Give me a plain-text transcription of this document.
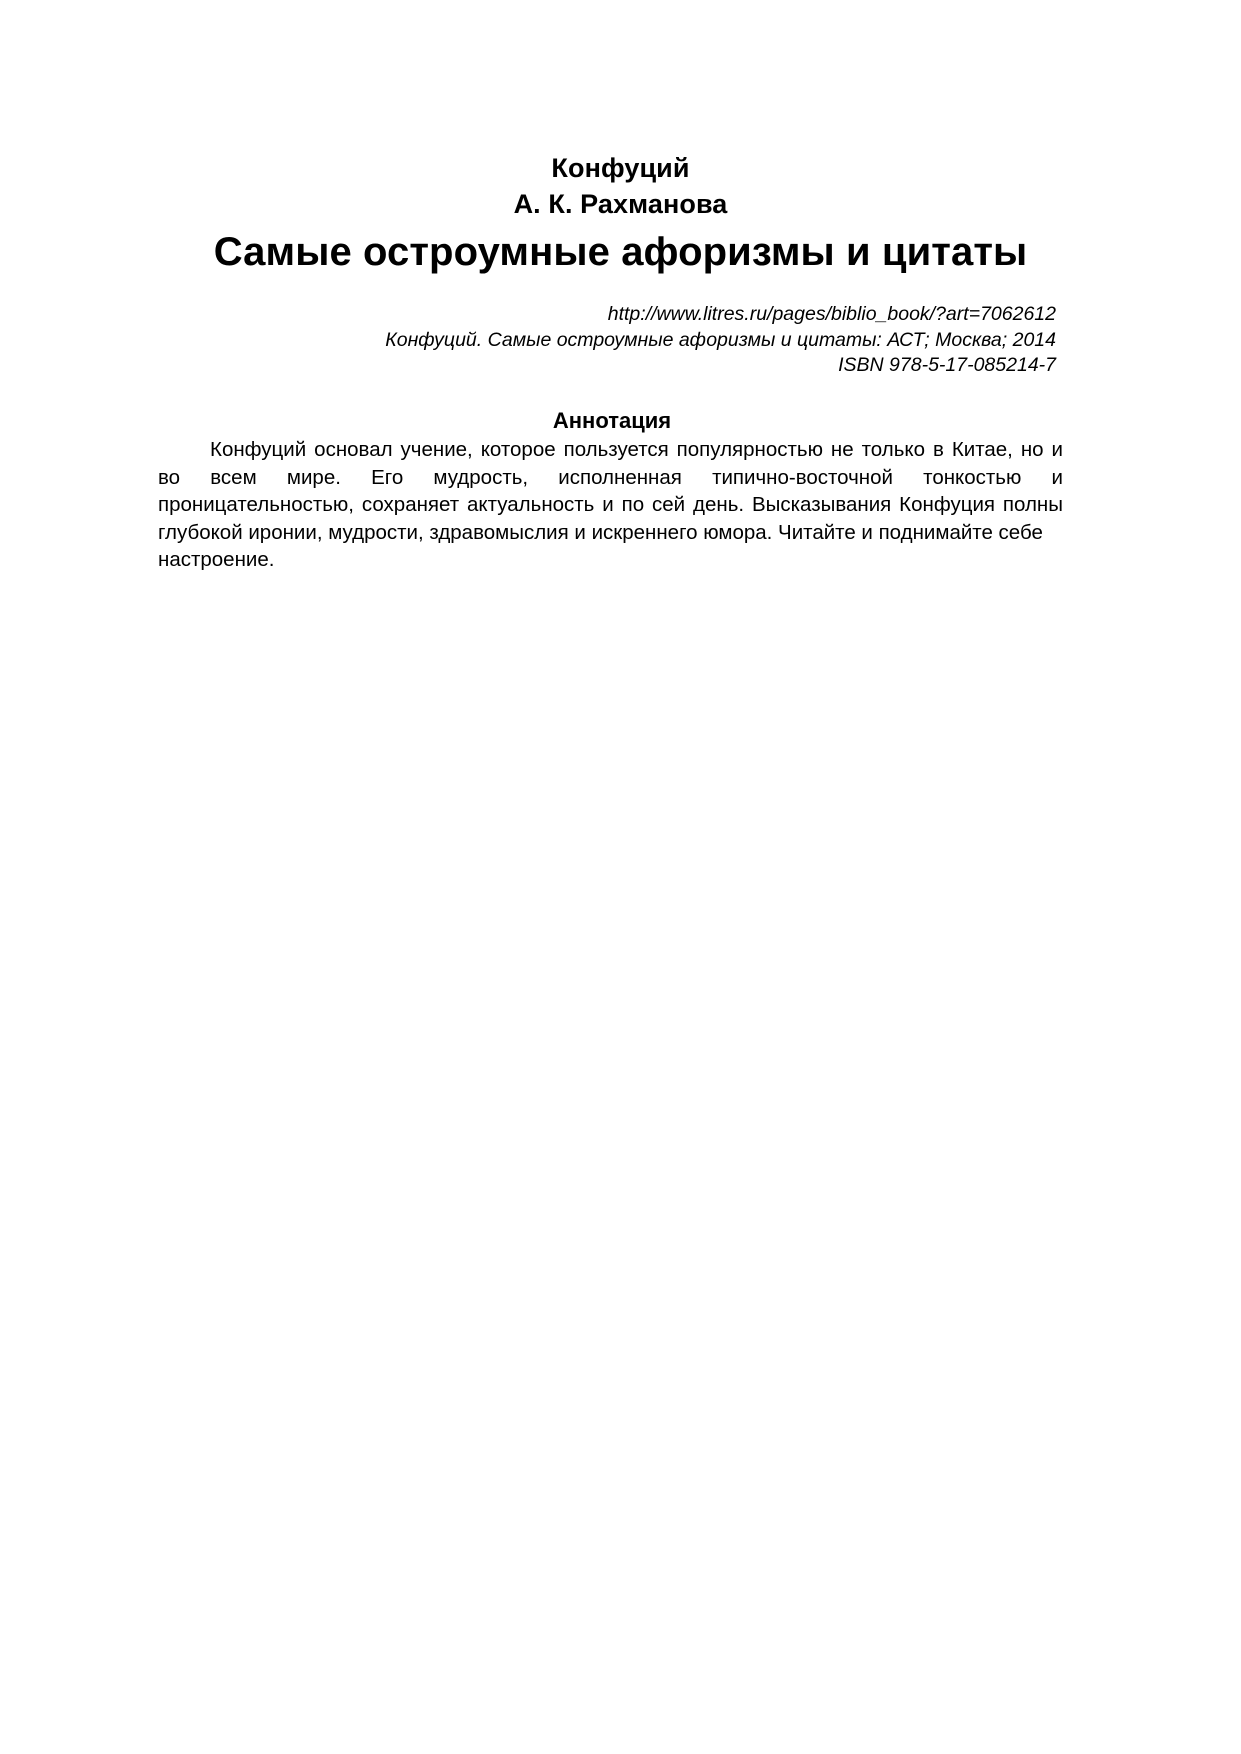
Конфуций
А. К. Рахманова
Самые остроумные афоризмы и цитаты
http://www.litres.ru/pages/biblio_book/?art=7062612
Конфуций. Самые остроумные афоризмы и цитаты: АСТ; Москва; 2014
ISBN 978-5-17-085214-7
Аннотация
Конфуций основал учение, которое пользуется популярностью не только в Китае, но и во всем мире. Его мудрость, исполненная типично-восточной тонкостью и проницательностью, сохраняет актуальность и по сей день. Высказывания Конфуция полны глубокой иронии, мудрости, здравомыслия и искреннего юмора. Читайте и поднимайте себе
настроение.
